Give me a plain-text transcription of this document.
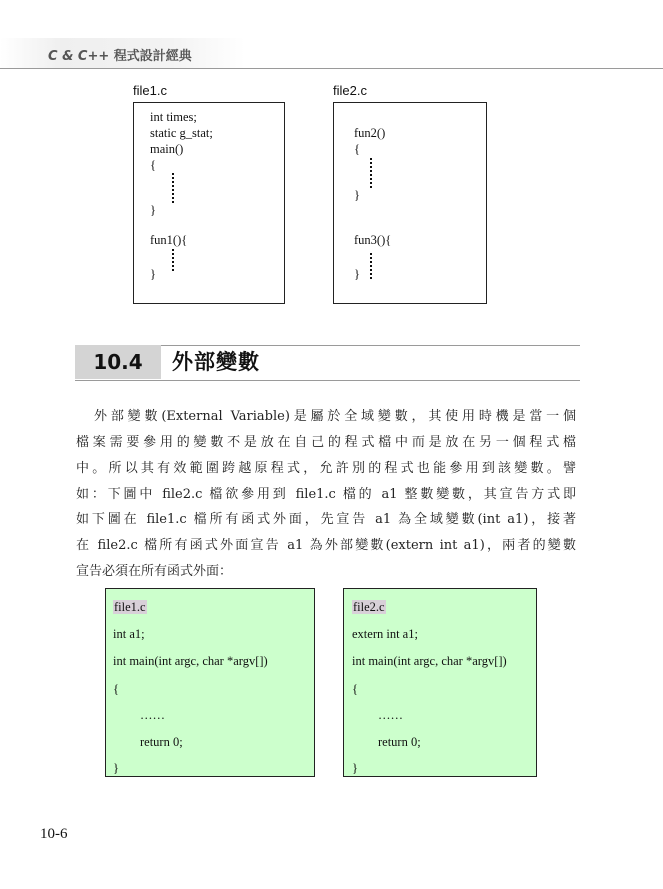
C & C++ 程式設計經典
file1.c	file2.c
int times;
static g_stat;
main()
{
}
fun1(){
}
fun2()
{
}
fun3(){
}
10.4	外部變數
外部變數(External Variable)是屬於全域變數，其使用時機是當一個
檔案需要參用的變數不是放在自己的程式檔中而是放在另一個程式檔
中。所以其有效範圍跨越原程式，允許別的程式也能參用到該變數。譬
如：下圖中 file2.c 檔欲參用到 file1.c 檔的 a1 整數變數，其宣告方式即
如下圖在 file1.c 檔所有函式外面，先宣告 a1 為全域變數(int a1)，接著
在 file2.c 檔所有函式外面宣告 a1 為外部變數(extern int a1)，兩者的變數
宣告必須在所有函式外面：
file1.c
int a1;
int main(int argc, char *argv[])
{
……
return 0;
}
file2.c
extern int a1;
int main(int argc, char *argv[])
{
……
return 0;
}
10-6
